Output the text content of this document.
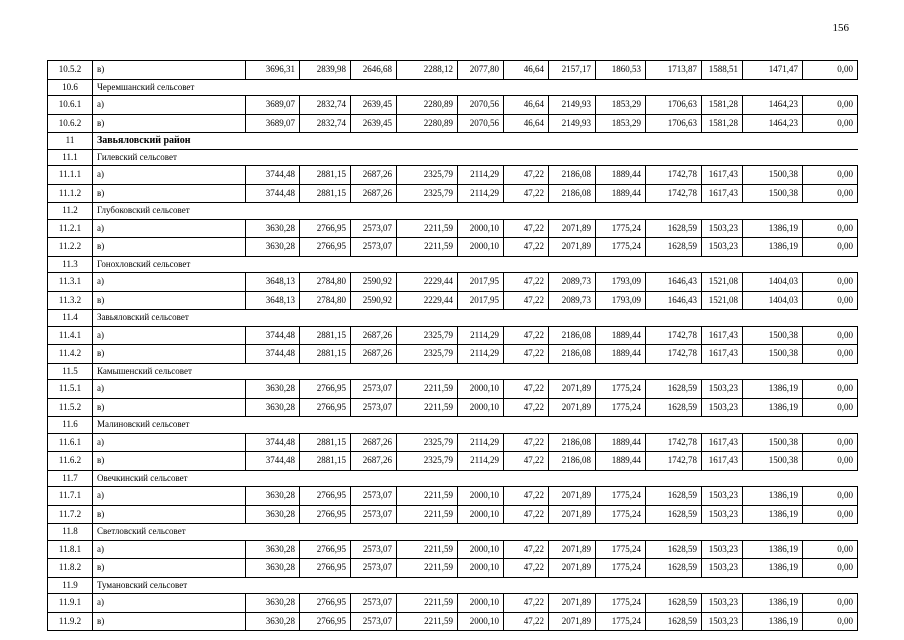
156
10.5.2	в)	3696,31	2839,98	2646,68	2288,12	2077,80	46,64	2157,17	1860,53	1713,87	1588,51	1471,47	0,00
10.6	Черемшанский сельсовет												
10.6.1	а)	3689,07	2832,74	2639,45	2280,89	2070,56	46,64	2149,93	1853,29	1706,63	1581,28	1464,23	0,00
10.6.2	в)	3689,07	2832,74	2639,45	2280,89	2070,56	46,64	2149,93	1853,29	1706,63	1581,28	1464,23	0,00
11	Завьяловский район												
11.1	Гилевский сельсовет												
11.1.1	а)	3744,48	2881,15	2687,26	2325,79	2114,29	47,22	2186,08	1889,44	1742,78	1617,43	1500,38	0,00
11.1.2	в)	3744,48	2881,15	2687,26	2325,79	2114,29	47,22	2186,08	1889,44	1742,78	1617,43	1500,38	0,00
11.2	Глубоковский сельсовет												
11.2.1	а)	3630,28	2766,95	2573,07	2211,59	2000,10	47,22	2071,89	1775,24	1628,59	1503,23	1386,19	0,00
11.2.2	в)	3630,28	2766,95	2573,07	2211,59	2000,10	47,22	2071,89	1775,24	1628,59	1503,23	1386,19	0,00
11.3	Гонохловский сельсовет												
11.3.1	а)	3648,13	2784,80	2590,92	2229,44	2017,95	47,22	2089,73	1793,09	1646,43	1521,08	1404,03	0,00
11.3.2	в)	3648,13	2784,80	2590,92	2229,44	2017,95	47,22	2089,73	1793,09	1646,43	1521,08	1404,03	0,00
11.4	Завьяловский сельсовет												
11.4.1	а)	3744,48	2881,15	2687,26	2325,79	2114,29	47,22	2186,08	1889,44	1742,78	1617,43	1500,38	0,00
11.4.2	в)	3744,48	2881,15	2687,26	2325,79	2114,29	47,22	2186,08	1889,44	1742,78	1617,43	1500,38	0,00
11.5	Камышенский сельсовет												
11.5.1	а)	3630,28	2766,95	2573,07	2211,59	2000,10	47,22	2071,89	1775,24	1628,59	1503,23	1386,19	0,00
11.5.2	в)	3630,28	2766,95	2573,07	2211,59	2000,10	47,22	2071,89	1775,24	1628,59	1503,23	1386,19	0,00
11.6	Малиновский сельсовет												
11.6.1	а)	3744,48	2881,15	2687,26	2325,79	2114,29	47,22	2186,08	1889,44	1742,78	1617,43	1500,38	0,00
11.6.2	в)	3744,48	2881,15	2687,26	2325,79	2114,29	47,22	2186,08	1889,44	1742,78	1617,43	1500,38	0,00
11.7	Овечкинский сельсовет												
11.7.1	а)	3630,28	2766,95	2573,07	2211,59	2000,10	47,22	2071,89	1775,24	1628,59	1503,23	1386,19	0,00
11.7.2	в)	3630,28	2766,95	2573,07	2211,59	2000,10	47,22	2071,89	1775,24	1628,59	1503,23	1386,19	0,00
11.8	Светловский сельсовет												
11.8.1	а)	3630,28	2766,95	2573,07	2211,59	2000,10	47,22	2071,89	1775,24	1628,59	1503,23	1386,19	0,00
11.8.2	в)	3630,28	2766,95	2573,07	2211,59	2000,10	47,22	2071,89	1775,24	1628,59	1503,23	1386,19	0,00
11.9	Тумановский сельсовет												
11.9.1	а)	3630,28	2766,95	2573,07	2211,59	2000,10	47,22	2071,89	1775,24	1628,59	1503,23	1386,19	0,00
11.9.2	в)	3630,28	2766,95	2573,07	2211,59	2000,10	47,22	2071,89	1775,24	1628,59	1503,23	1386,19	0,00
